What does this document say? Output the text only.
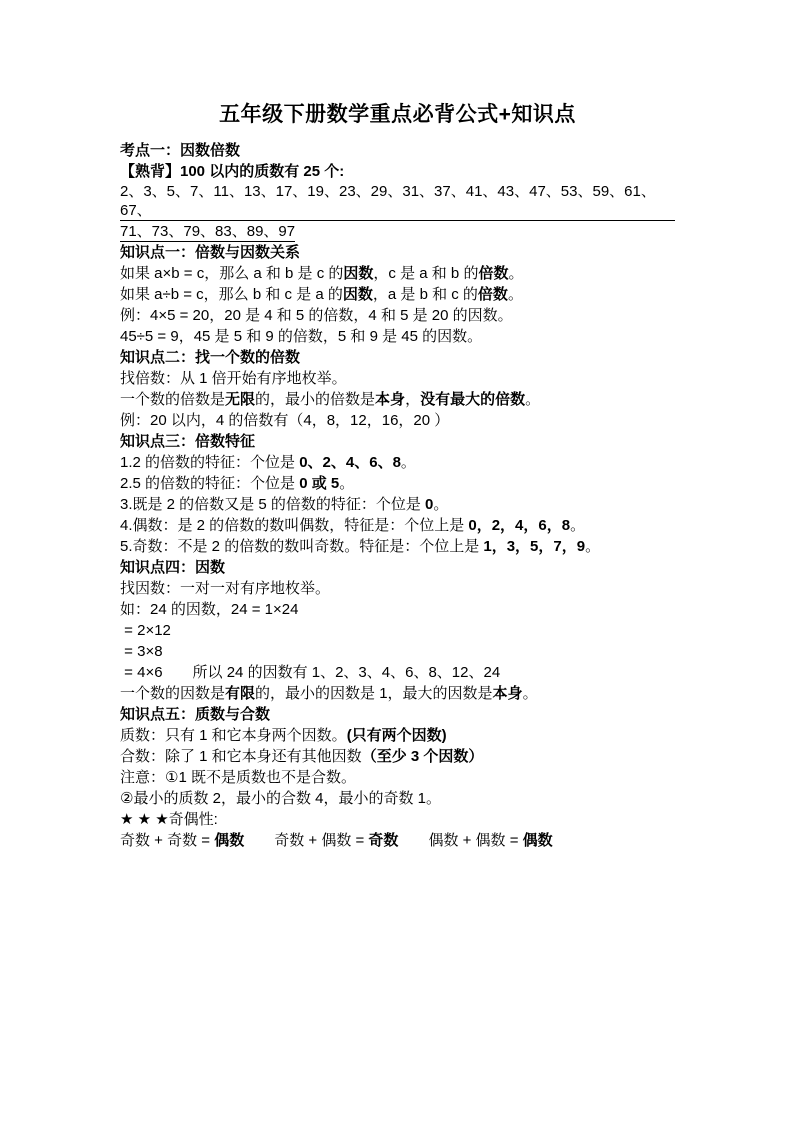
五年级下册数学重点必背公式+知识点
考点一：因数倍数
【熟背】100 以内的质数有 25 个:
2、3、5、7、11、13、17、19、23、29、31、37、41、43、47、53、59、61、67、
71、73、79、83、89、97
知识点一：倍数与因数关系
如果 a×b = c，那么 a 和 b 是 c 的因数，c 是 a 和 b 的倍数。
如果 a÷b = c，那么 b 和 c 是 a 的因数，a 是 b 和 c 的倍数。
例：4×5 = 20，20 是 4 和 5 的倍数，4 和 5 是 20 的因数。
45÷5 = 9，45 是 5 和 9 的倍数，5 和 9 是 45 的因数。
知识点二：找一个数的倍数
找倍数：从 1 倍开始有序地枚举。
一个数的倍数是无限的，最小的倍数是本身，没有最大的倍数。
例：20 以内，4 的倍数有（4，8，12，16，20 ）
知识点三：倍数特征
1.2 的倍数的特征：个位是 0、2、4、6、8。
2.5 的倍数的特征：个位是 0 或 5。
3.既是 2 的倍数又是 5 的倍数的特征：个位是 0。
4.偶数：是 2 的倍数的数叫偶数，特征是：个位上是 0，2，4，6，8。
5.奇数：不是 2 的倍数的数叫奇数。特征是：个位上是 1，3，5，7，9。
知识点四：因数
找因数：一对一对有序地枚举。
如：24 的因数，24 = 1×24
= 2×12
= 3×8
= 4×6　　所以 24 的因数有 1、2、3、4、6、8、12、24
一个数的因数是有限的，最小的因数是 1，最大的因数是本身。
知识点五：质数与合数
质数：只有 1 和它本身两个因数。(只有两个因数)
合数：除了 1 和它本身还有其他因数（至少 3 个因数）
注意：①1 既不是质数也不是合数。
②最小的质数 2，最小的合数 4，最小的奇数 1。
★ ★ ★奇偶性:
奇数 + 奇数 = 偶数　　奇数 + 偶数 = 奇数　　偶数 + 偶数 = 偶数
